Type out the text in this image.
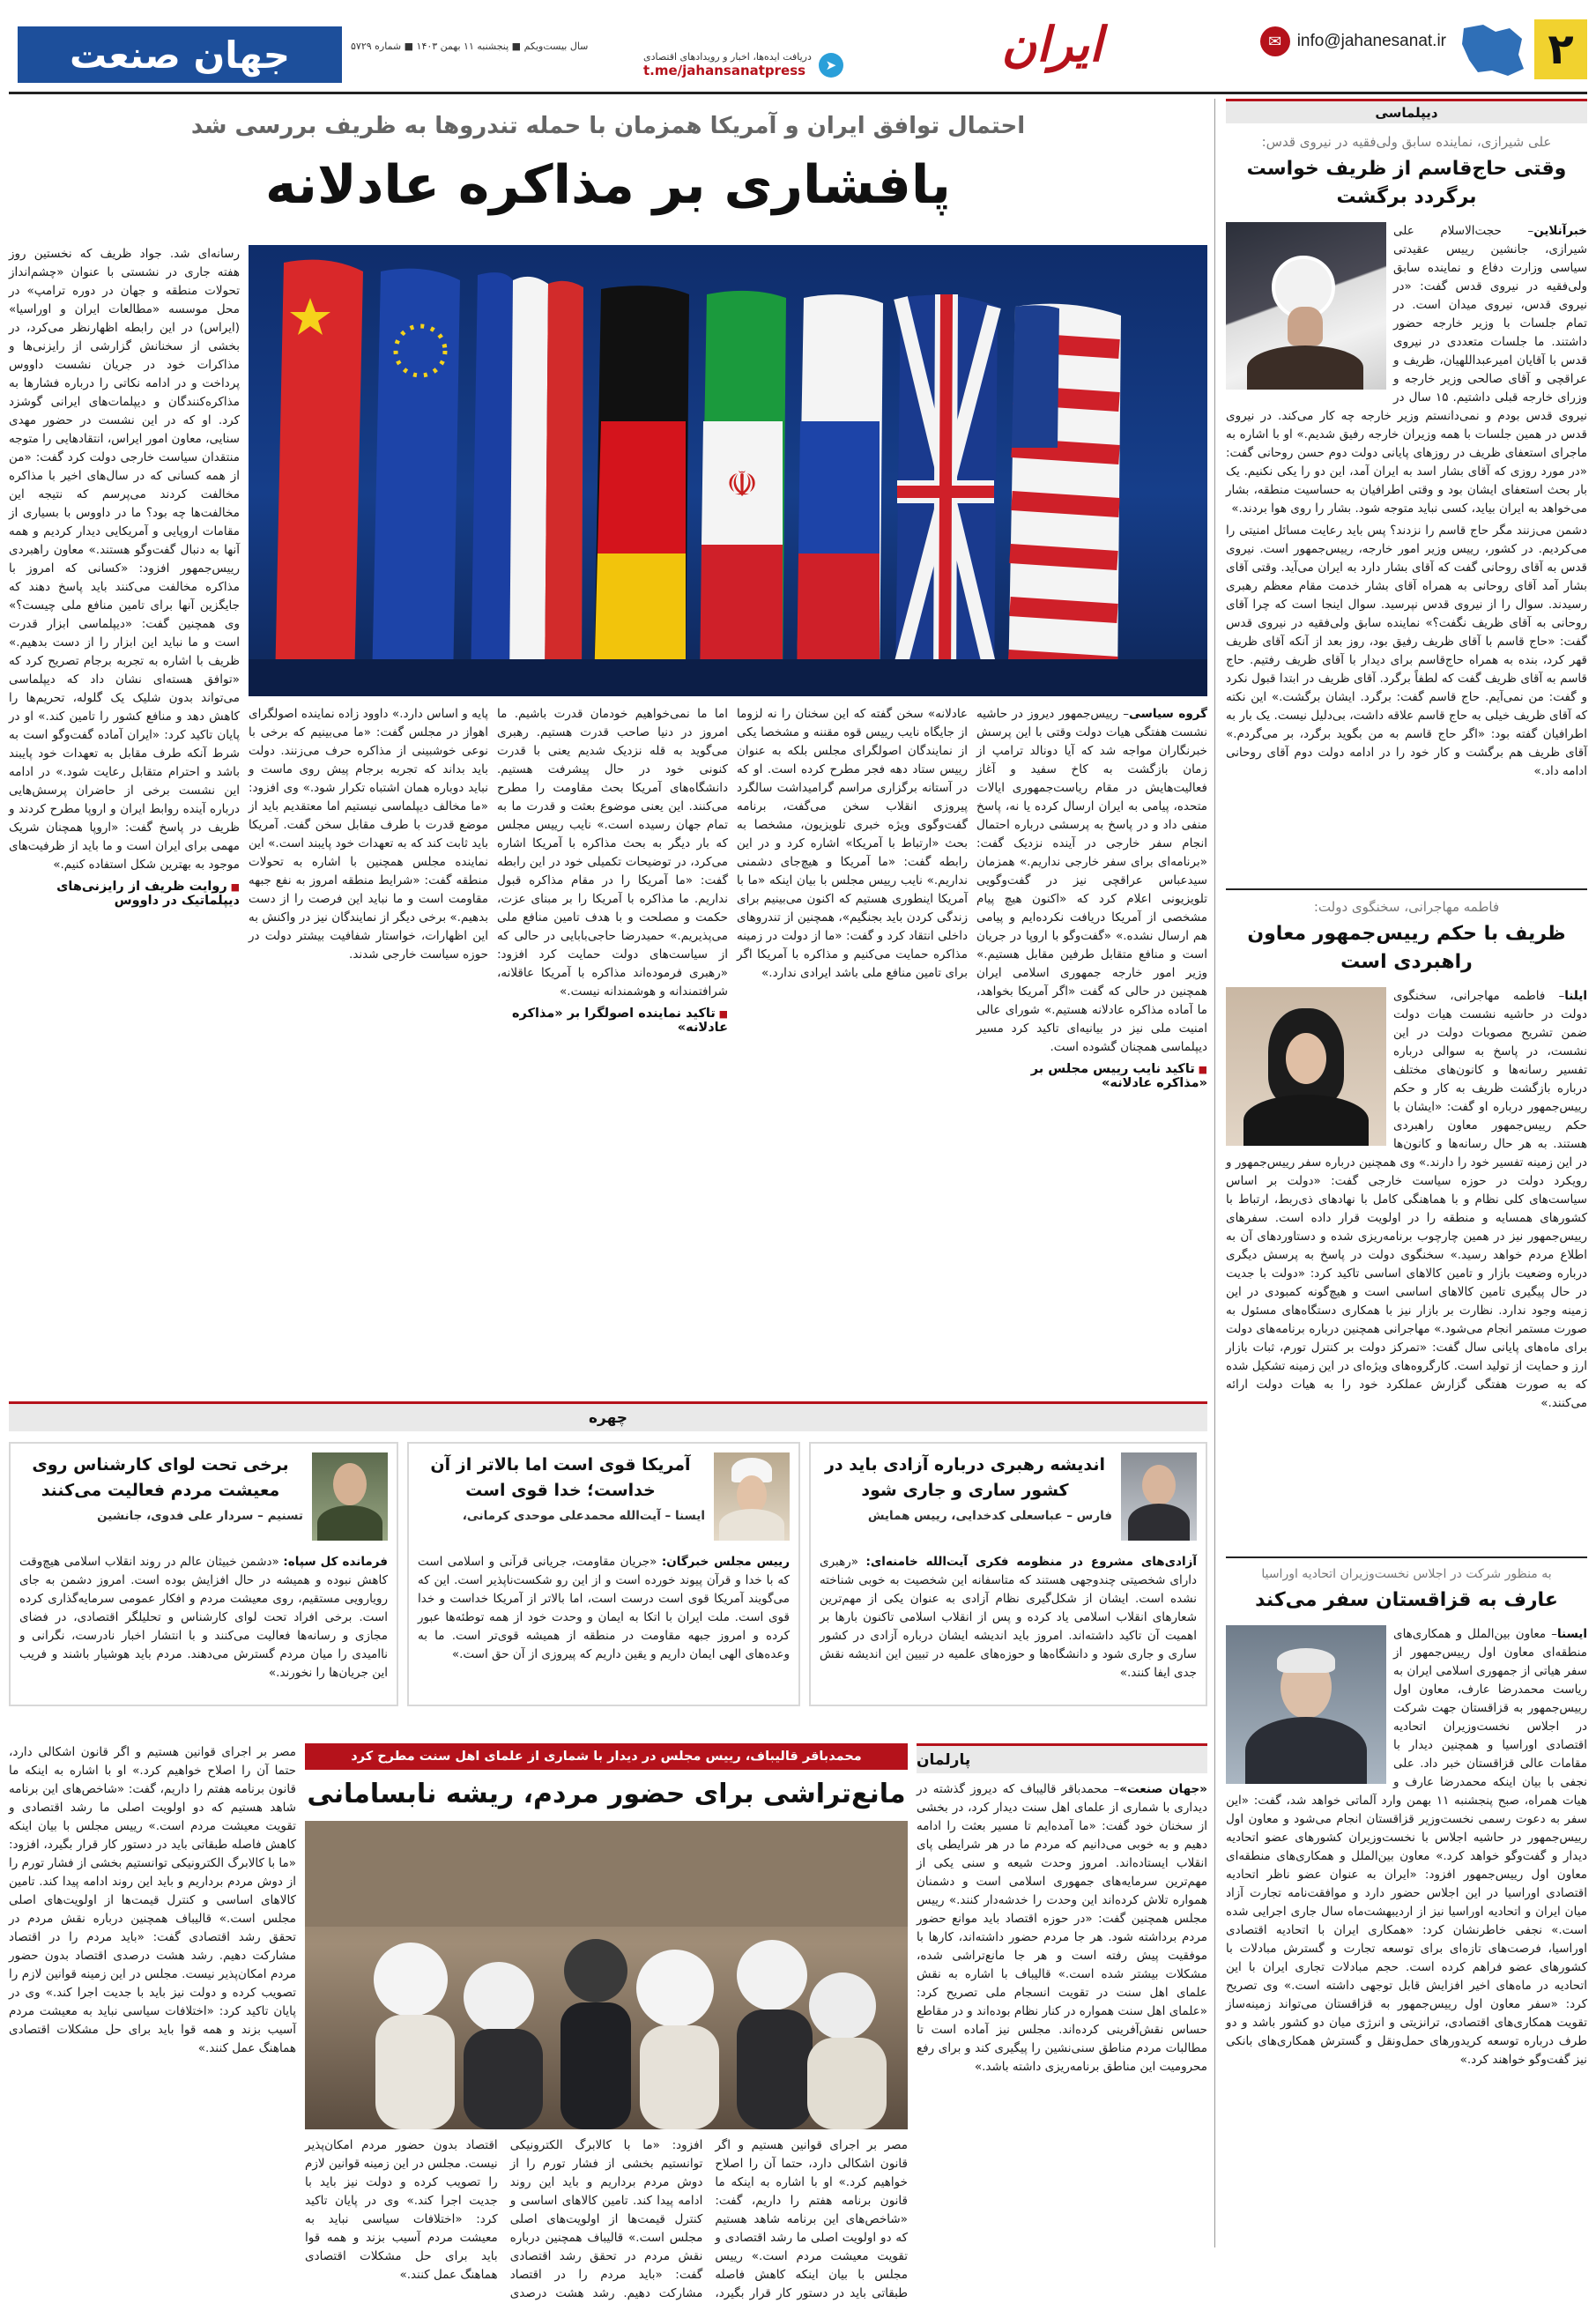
۲
info@jahanesanat.ir
✉
ایران
➤
دریافت ایده‌ها، اخبار و رویدادهای اقتصادی
t.me/jahansanatpress
سال بیست‌ویکم ■ پنجشنبه ۱۱ بهمن ۱۴۰۳ ■ شماره ۵۷۲۹
جهان صنعت
دیپلماسی
علی شیرازی، نماینده سابق ولی‌فقیه در نیروی قدس:
وقتی حاج‌قاسم از ظریف خواست برگردد برگشت

خبرآنلاین– حجت‌الاسلام علی شیرازی، جانشین رییس عقیدتی سیاسی وزارت دفاع و نماینده سابق ولی‌فقیه در نیروی قدس گفت: «در نیروی قدس، نیروی میدان است. در تمام جلسات با وزیر خارجه حضور داشتند. ما جلسات متعددی در نیروی قدس با آقایان امیرعبداللهیان، ظریف و عراقچی و آقای صالحی وزیر خارجه و وزرای خارجه قبلی داشتیم. ۱۵ سال در نیروی قدس بودم و نمی‌دانستم وزیر خارجه چه کار می‌کند. در نیروی قدس در همین جلسات با همه وزیران خارجه رفیق شدیم.» او با اشاره به ماجرای استعفای ظریف در روزهای پایانی دولت دوم حسن روحانی گفت: «در مورد روزی که آقای بشار اسد به ایران آمد، این دو را یکی نکنیم. یک بار بحث استعفای ایشان بود و وقتی اطرافیان به حساسیت منطقه، بشار می‌خواهد به ایران بیاید، کسی نباید متوجه شود. بشار را روی هوا بردند.»

دشمن می‌زنند مگر حاج قاسم را نزدند؟ پس باید رعایت مسائل امنیتی را می‌کردیم. در کشور، رییس وزیر امور خارجه، رییس‌جمهور است. نیروی قدس به آقای روحانی گفت که آقای بشار دارد به ایران می‌آید. وقتی آقای بشار آمد آقای روحانی به همراه آقای بشار خدمت مقام معظم رهبری رسیدند. سوال را از نیروی قدس نپرسید. سوال اینجا است که چرا آقای روحانی به آقای ظریف نگفت؟» نماینده سابق ولی‌فقیه در نیروی قدس گفت: «حاج قاسم با آقای ظریف رفیق بود، روز بعد از آنکه آقای ظریف قهر کرد، بنده به همراه حاج‌قاسم برای دیدار با آقای ظریف رفتیم. حاج قاسم به آقای ظریف گفت که لطفاً برگرد. آقای ظریف در ابتدا قبول نکرد و گفت: من نمی‌آیم. حاج قاسم گفت: برگرد. ایشان برگشت.» این نکته که آقای ظریف خیلی به حاج قاسم علاقه داشت، بی‌دلیل نیست. یک بار به اطرافیان گفته بود: «اگر حاج قاسم به من بگوید برگرد، بر می‌گردم.» آقای ظریف هم برگشت و کار خود را در ادامه دولت دوم آقای روحانی ادامه داد.»

فاطمه مهاجرانی، سخنگوی دولت:
ظریف با حکم رییس‌جمهور معاون راهبردی است

ایلنا– فاطمه مهاجرانی، سخنگوی دولت در حاشیه نشست هیات دولت ضمن تشریح مصوبات دولت در این نشست، در پاسخ به سوالی درباره تفسیر رسانه‌ها و کانون‌های مختلف درباره بازگشت ظریف به کار و حکم رییس‌جمهور درباره او گفت: «ایشان با حکم رییس‌جمهور معاون راهبردی هستند. به هر حال رسانه‌ها و کانون‌ها در این زمینه تفسیر خود را دارند.» وی همچنین درباره سفر رییس‌جمهور و رویکرد دولت در حوزه سیاست خارجی گفت: «دولت بر اساس سیاست‌های کلی نظام و با هماهنگی کامل با نهادهای ذی‌ربط، ارتباط با کشورهای همسایه و منطقه را در اولویت قرار داده است. سفرهای رییس‌جمهور نیز در همین چارچوب برنامه‌ریزی شده و دستاوردهای آن به اطلاع مردم خواهد رسید.» سخنگوی دولت در پاسخ به پرسش دیگری درباره وضعیت بازار و تامین کالاهای اساسی تاکید کرد: «دولت با جدیت در حال پیگیری تامین کالاهای اساسی است و هیچ‌گونه کمبودی در این زمینه وجود ندارد. نظارت بر بازار نیز با همکاری دستگاه‌های مسئول به صورت مستمر انجام می‌شود.» مهاجرانی همچنین درباره برنامه‌های دولت برای ماه‌های پایانی سال گفت: «تمرکز دولت بر کنترل تورم، ثبات بازار ارز و حمایت از تولید است. کارگروه‌های ویژه‌ای در این زمینه تشکیل شده که به صورت هفتگی گزارش عملکرد خود را به هیات دولت ارائه می‌کنند.»

به منظور شرکت در اجلاس نخست‌وزیران اتحادیه اوراسیا
عارف به قزاقستان سفر می‌کند

ایسنا– معاون بین‌الملل و همکاری‌های منطقه‌ای معاون اول رییس‌جمهور از سفر هیاتی از جمهوری اسلامی ایران به ریاست محمدرضا عارف، معاون اول رییس‌جمهور به قزاقستان جهت شرکت در اجلاس نخست‌وزیران اتحادیه اقتصادی اوراسیا و همچنین دیدار با مقامات عالی قزاقستان خبر داد. علی نجفی با بیان اینکه محمدرضا عارف و هیات همراه، صبح پنجشنبه ۱۱ بهمن وارد آلماتی خواهد شد، گفت: «این سفر به دعوت رسمی نخست‌وزیر قزاقستان انجام می‌شود و معاون اول رییس‌جمهور در حاشیه اجلاس با نخست‌وزیران کشورهای عضو اتحادیه دیدار و گفت‌وگو خواهد کرد.» معاون بین‌الملل و همکاری‌های منطقه‌ای معاون اول رییس‌جمهور افزود: «ایران به عنوان عضو ناظر اتحادیه اقتصادی اوراسیا در این اجلاس حضور دارد و موافقت‌نامه تجارت آزاد میان ایران و اتحادیه اوراسیا نیز از اردیبهشت‌ماه سال جاری اجرایی شده است.» نجفی خاطرنشان کرد: «همکاری ایران با اتحادیه اقتصادی اوراسیا، فرصت‌های تازه‌ای برای توسعه تجارت و گسترش مبادلات با کشورهای عضو فراهم کرده است. حجم مبادلات تجاری ایران با این اتحادیه در ماه‌های اخیر افزایش قابل توجهی داشته است.» وی تصریح کرد: «سفر معاون اول رییس‌جمهور به قزاقستان می‌تواند زمینه‌ساز تقویت همکاری‌های اقتصادی، ترانزیتی و انرژی میان دو کشور باشد و دو طرف درباره توسعه کریدورهای حمل‌ونقل و گسترش همکاری‌های بانکی نیز گفت‌وگو خواهند کرد.»

احتمال توافق ایران و آمریکا همزمان با حمله تندروها به ظریف بررسی شد
پافشاری بر مذاکره عادلانه
☫

رسانه‌ای شد. جواد ظریف که نخستین روز هفته جاری در نشستی با عنوان «چشم‌انداز تحولات منطقه و جهان در دوره ترامپ» در محل موسسه «مطالعات ایران و اوراسیا» (ایراس) در این رابطه اظهارنظر می‌کرد، در بخشی از سخنانش گزارشی از رایزنی‌ها و مذاکرات خود در جریان نشست داووس پرداخت و در ادامه نکاتی را درباره فشارها به مذاکره‌کنندگان و دیپلمات‌های ایرانی گوشزد کرد. او که در این نشست در حضور مهدی سنایی، معاون امور ایراس، انتقادهایی را متوجه منتقدان سیاست خارجی دولت کرد گفت: «من از همه کسانی که در سال‌های اخیر با مذاکره مخالفت کردند می‌پرسم که نتیجه این مخالفت‌ها چه بود؟ ما در داووس با بسیاری از مقامات اروپایی و آمریکایی دیدار کردیم و همه آنها به دنبال گفت‌وگو هستند.» معاون راهبردی رییس‌جمهور افزود: «کسانی که امروز با مذاکره مخالفت می‌کنند باید پاسخ دهند که جایگزین آنها برای تامین منافع ملی چیست؟» وی همچنین گفت: «دیپلماسی ابزار قدرت است و ما نباید این ابزار را از دست بدهیم.» ظریف با اشاره به تجربه برجام تصریح کرد که «توافق هسته‌ای نشان داد که دیپلماسی می‌تواند بدون شلیک یک گلوله، تحریم‌ها را کاهش دهد و منافع کشور را تامین کند.» او در پایان تاکید کرد: «ایران آماده گفت‌وگو است به شرط آنکه طرف مقابل به تعهدات خود پایبند باشد و احترام متقابل رعایت شود.» در ادامه این نشست برخی از حاضران پرسش‌هایی درباره آینده روابط ایران و اروپا مطرح کردند و ظریف در پاسخ گفت: «اروپا همچنان شریک مهمی برای ایران است و ما باید از ظرفیت‌های موجود به بهترین شکل استفاده کنیم.»

■ روایت ظریف از رایزنی‌های دیپلماتیک در داووس

گروه سیاسی– رییس‌جمهور دیروز در حاشیه نشست هفتگی هیات دولت وقتی با این پرسش خبرنگاران مواجه شد که آیا دونالد ترامپ از زمان بازگشت به کاخ سفید و آغاز فعالیت‌هایش در مقام ریاست‌جمهوری ایالات متحده، پیامی به ایران ارسال کرده یا نه، پاسخ منفی داد و در پاسخ به پرسشی درباره احتمال انجام سفر خارجی در آینده نزدیک گفت: «برنامه‌ای برای سفر خارجی نداریم.» همزمان سیدعباس عراقچی نیز در گفت‌وگویی تلویزیونی اعلام کرد که «اکنون هیچ پیام مشخصی از آمریکا دریافت نکرده‌ایم و پیامی هم ارسال نشده.» «گفت‌وگو با اروپا در جریان است و منافع متقابل طرفین مقابل هستیم.» وزیر امور خارجه جمهوری اسلامی ایران همچنین در حالی که گفت «اگر آمریکا بخواهد، ما آماده مذاکره عادلانه هستیم.» شورای عالی امنیت ملی نیز در بیانیه‌ای تاکید کرد مسیر دیپلماسی همچنان گشوده است.

■ تاکید نایب رییس مجلس بر «مذاکره عادلانه»

عادلانه» سخن گفته که این سخنان را نه لزوما از جایگاه نایب رییس قوه مقننه و مشخصا یکی از نمایندگان اصولگرای مجلس بلکه به عنوان رییس ستاد دهه فجر مطرح کرده است. او که در آستانه برگزاری مراسم گرامیداشت سالگرد پیروزی انقلاب سخن می‌گفت، برنامه گفت‌وگوی ویژه خبری تلویزیون، مشخصا به بحث «ارتباط با آمریکا» اشاره کرد و در این رابطه گفت: «ما آمریکا و هیچ‌جای دشمنی نداریم.» نایب رییس مجلس با بیان اینکه «ما با آمریکا اینطوری هستیم که اکنون می‌بینیم برای زندگی کردن باید بجنگیم»، همچنین از تندروهای داخلی انتقاد کرد و گفت: «ما از دولت در زمینه مذاکره حمایت می‌کنیم و مذاکره با آمریکا اگر برای تامین منافع ملی باشد ایرادی ندارد.»

اما ما نمی‌خواهیم خودمان قدرت باشیم. ما امروز در دنیا صاحب قدرت هستیم. رهبری می‌گوید به قله نزدیک شدیم یعنی با قدرت کنونی خود در حال پیشرفت هستیم. دانشگاه‌های آمریکا بحث مقاومت را مطرح می‌کنند. این یعنی موضوع بعثت و قدرت ما به تمام جهان رسیده است.» نایب رییس مجلس که بار دیگر به بحث مذاکره با آمریکا اشاره می‌کرد، در توضیحات تکمیلی خود در این رابطه گفت: «ما آمریکا را در مقام مذاکره قبول نداریم. ما مذاکره با آمریکا را بر مبنای عزت، حکمت و مصلحت و با هدف تامین منافع ملی می‌پذیریم.» حمیدرضا حاجی‌بابایی در حالی که از سیاست‌های دولت حمایت کرد افزود: «رهبری فرموده‌اند مذاکره با آمریکا عاقلانه، شرافتمندانه و هوشمندانه نیست.»

■ تاکید نماینده اصولگرا بر «مذاکره عادلانه»

پایه و اساس دارد.» داوود زاده نماینده اصولگرای اهواز در مجلس گفت: «ما می‌بینیم که برخی با نوعی خوشبینی از مذاکره حرف می‌زنند. دولت باید بداند که تجربه برجام پیش روی ماست و نباید دوباره همان اشتباه تکرار شود.» وی افزود: «ما مخالف دیپلماسی نیستیم اما معتقدیم باید از موضع قدرت با طرف مقابل سخن گفت. آمریکا باید ثابت کند که به تعهدات خود پایبند است.» این نماینده مجلس همچنین با اشاره به تحولات منطقه گفت: «شرایط منطقه امروز به نفع جبهه مقاومت است و ما نباید این فرصت را از دست بدهیم.» برخی دیگر از نمایندگان نیز در واکنش به این اظهارات، خواستار شفافیت بیشتر دولت در حوزه سیاست خارجی شدند.

چهره
اندیشه رهبری درباره آزادی باید در کشور ساری و جاری شود
فارس – عباسعلی کدخدایی، رییس همایش

آزادی‌های مشروع در منظومه فکری آیت‌الله خامنه‌ای: «رهبری دارای شخصیتی چندوجهی هستند که متاسفانه این شخصیت به خوبی شناخته نشده است. ایشان از شکل‌گیری نظام آزادی به عنوان یکی از مهم‌ترین شعارهای انقلاب اسلامی یاد کرده و پس از انقلاب اسلامی تاکنون بارها بر اهمیت آن تاکید داشته‌اند. امروز باید اندیشه ایشان درباره آزادی در کشور ساری و جاری شود و دانشگاه‌ها و حوزه‌های علمیه در تبیین این اندیشه نقش جدی ایفا کنند.»

آمریکا قوی است اما بالاتر از آن خداست؛ خدا قوی است
ایسنا – آیت‌الله محمدعلی موحدی کرمانی،

رییس مجلس خبرگان: «جریان مقاومت، جریانی قرآنی و اسلامی است که با خدا و قرآن پیوند خورده است و از این رو شکست‌ناپذیر است. این که می‌گویند آمریکا قوی است درست است، اما بالاتر از آمریکا خداست و خدا قوی است. ملت ایران با اتکا به ایمان و وحدت خود از همه توطئه‌ها عبور کرده و امروز جبهه مقاومت در منطقه از همیشه قوی‌تر است. ما به وعده‌های الهی ایمان داریم و یقین داریم که پیروزی از آن حق است.»

برخی تحت لوای کارشناس روی معیشت مردم فعالیت می‌کنند
تسنیم – سردار علی فدوی، جانشین

فرمانده کل سپاه: «دشمن خبیثان عالم در روند انقلاب اسلامی هیچ‌وقت کاهش نبوده و همیشه در حال افزایش بوده است. امروز دشمن به جای رویارویی مستقیم، روی معیشت مردم و افکار عمومی سرمایه‌گذاری کرده است. برخی افراد تحت لوای کارشناس و تحلیلگر اقتصادی، در فضای مجازی و رسانه‌ها فعالیت می‌کنند و با انتشار اخبار نادرست، نگرانی و ناامیدی را میان مردم گسترش می‌دهند. مردم باید هوشیار باشند و فریب این جریان‌ها را نخورند.»

پارلمان

«جهان صنعت»– محمدباقر قالیباف که دیروز گذشته در دیداری با شماری از علمای اهل سنت دیدار کرد، در بخشی از سخنان خود گفت: «ما آمده‌ایم تا مسیر بعثت را ادامه دهیم و به خوبی می‌دانیم که مردم ما در هر شرایطی پای انقلاب ایستاده‌اند. امروز وحدت شیعه و سنی یکی از مهم‌ترین سرمایه‌های جمهوری اسلامی است و دشمنان همواره تلاش کرده‌اند این وحدت را خدشه‌دار کنند.» رییس مجلس همچنین گفت: «در حوزه اقتصاد باید موانع حضور مردم برداشته شود. هر جا مردم حضور داشته‌اند، کارها با موفقیت پیش رفته است و هر جا مانع‌تراشی شده، مشکلات بیشتر شده است.» قالیباف با اشاره به نقش علمای اهل سنت در تقویت انسجام ملی تصریح کرد: «علمای اهل سنت همواره در کنار نظام بوده‌اند و در مقاطع حساس نقش‌آفرینی کرده‌اند. مجلس نیز آماده است تا مطالبات مردم مناطق سنی‌نشین را پیگیری کند و برای رفع محرومیت این مناطق برنامه‌ریزی داشته باشد.»

محمدباقر قالیباف، رییس مجلس در دیدار با شماری از علمای اهل سنت مطرح کرد
مانع‌تراشی برای حضور مردم، ریشه نابسامانی

مصر بر اجرای قوانین هستیم و اگر قانون اشکالی دارد، حتما آن را اصلاح خواهیم کرد.» او با اشاره به اینکه ما قانون برنامه هفتم را داریم، گفت: «شاخص‌های این برنامه شاهد هستیم که دو اولویت اصلی ما رشد اقتصادی و تقویت معیشت مردم است.» رییس مجلس با بیان اینکه کاهش فاصله طبقاتی باید در دستور کار قرار بگیرد، افزود: «ما با کالابرگ الکترونیکی توانستیم بخشی از فشار تورم را از دوش مردم برداریم و باید این روند ادامه پیدا کند. تامین کالاهای اساسی و کنترل قیمت‌ها از اولویت‌های اصلی مجلس است.» قالیباف همچنین درباره نقش مردم در تحقق رشد اقتصادی گفت: «باید مردم را در اقتصاد مشارکت دهیم. رشد هشت درصدی اقتصاد بدون حضور مردم امکان‌پذیر نیست. مجلس در این زمینه قوانین لازم را تصویب کرده و دولت نیز باید با جدیت اجرا کند.» وی در پایان تاکید کرد: «اختلافات سیاسی نباید به معیشت مردم آسیب بزند و همه قوا باید برای حل مشکلات اقتصادی هماهنگ عمل کنند.»

مصر بر اجرای قوانین هستیم و اگر قانون اشکالی دارد، حتما آن را اصلاح خواهیم کرد.» او با اشاره به اینکه ما قانون برنامه هفتم را داریم، گفت: «شاخص‌های این برنامه شاهد هستیم که دو اولویت اصلی ما رشد اقتصادی و تقویت معیشت مردم است.» رییس مجلس با بیان اینکه کاهش فاصله طبقاتی باید در دستور کار قرار بگیرد، افزود: «ما با کالابرگ الکترونیکی توانستیم بخشی از فشار تورم را از دوش مردم برداریم و باید این روند ادامه پیدا کند. تامین کالاهای اساسی و کنترل قیمت‌ها از اولویت‌های اصلی مجلس است.» قالیباف همچنین درباره نقش مردم در تحقق رشد اقتصادی گفت: «باید مردم را در اقتصاد مشارکت دهیم. رشد هشت درصدی اقتصاد بدون حضور مردم امکان‌پذیر نیست. مجلس در این زمینه قوانین لازم را تصویب کرده و دولت نیز باید با جدیت اجرا کند.» وی در پایان تاکید کرد: «اختلافات سیاسی نباید به معیشت مردم آسیب بزند و همه قوا باید برای حل مشکلات اقتصادی هماهنگ عمل کنند.»
